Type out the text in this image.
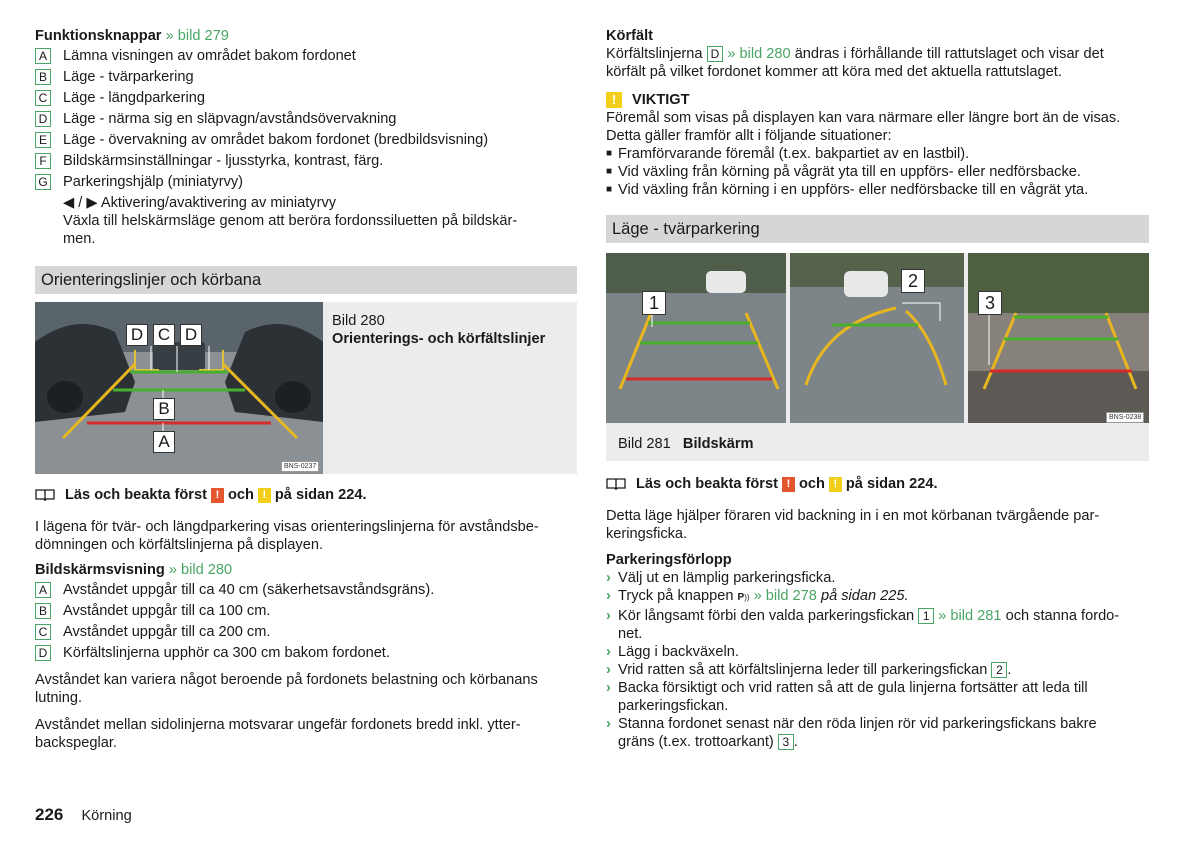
Funktionsknappar » bild 279
A Lämna visningen av området bakom fordonet
B Läge - tvärparkering
C Läge - längdparkering
D Läge - närma sig en släpvagn/avståndsövervakning
E Läge - övervakning av området bakom fordonet (bredbildsvisning)
F Bildskärmsinställningar - ljusstyrka, kontrast, färg.
G Parkeringshjälp (miniatyrvy)
◀ / ▶ Aktivering/avaktivering av miniatyrvy
Växla till helskärmsläge genom att beröra fordonssiluetten på bildskär-
men.
Orienteringslinjer och körbana
D C D
B
A
BNS-0237
Bild 280
Orienterings- och körfältslinjer
Läs och beakta först ! och ! på sidan 224.
I lägena för tvär- och längdparkering visas orienteringslinjerna för avståndsbe-
dömningen och körfältslinjerna på displayen.
Bildskärmsvisning » bild 280
A Avståndet uppgår till ca 40 cm (säkerhetsavståndsgräns).
B Avståndet uppgår till ca 100 cm.
C Avståndet uppgår till ca 200 cm.
D Körfältslinjerna upphör ca 300 cm bakom fordonet.
Avståndet kan variera något beroende på fordonets belastning och körbanans
lutning.
Avståndet mellan sidolinjerna motsvarar ungefär fordonets bredd inkl. ytter-
backspeglar.
Körfält
Körfältslinjerna D » bild 280 ändras i förhållande till rattutslaget och visar det
körfält på vilket fordonet kommer att köra med det aktuella rattutslaget.
!	VIKTIGT
Föremål som visas på displayen kan vara närmare eller längre bort än de visas.
Detta gäller framför allt i följande situationer:
■ Framförvarande föremål (t.ex. bakpartiet av en lastbil).
■ Vid växling från körning på vågrät yta till en uppförs- eller nedförsbacke.
■ Vid växling från körning i en uppförs- eller nedförsbacke till en vågrät yta.
Läge - tvärparkering
1
2
3
BNS-0238
Bild 281 Bildskärm
Läs och beakta först ! och ! på sidan 224.
Detta läge hjälper föraren vid backning in i en mot körbanan tvärgående par-
keringsficka.
Parkeringsförlopp
› Välj ut en lämplig parkeringsficka.
› Tryck på knappen P)) » bild 278 på sidan 225.
› Kör långsamt förbi den valda parkeringsfickan 1 » bild 281 och stanna fordo-
net.
› Lägg i backväxeln.
› Vrid ratten så att körfältslinjerna leder till parkeringsfickan 2 .
› Backa försiktigt och vrid ratten så att de gula linjerna fortsätter att leda till
parkeringsfickan.
› Stanna fordonet senast när den röda linjen rör vid parkeringsfickans bakre
gräns (t.ex. trottoarkant) 3 .
226 Körning
